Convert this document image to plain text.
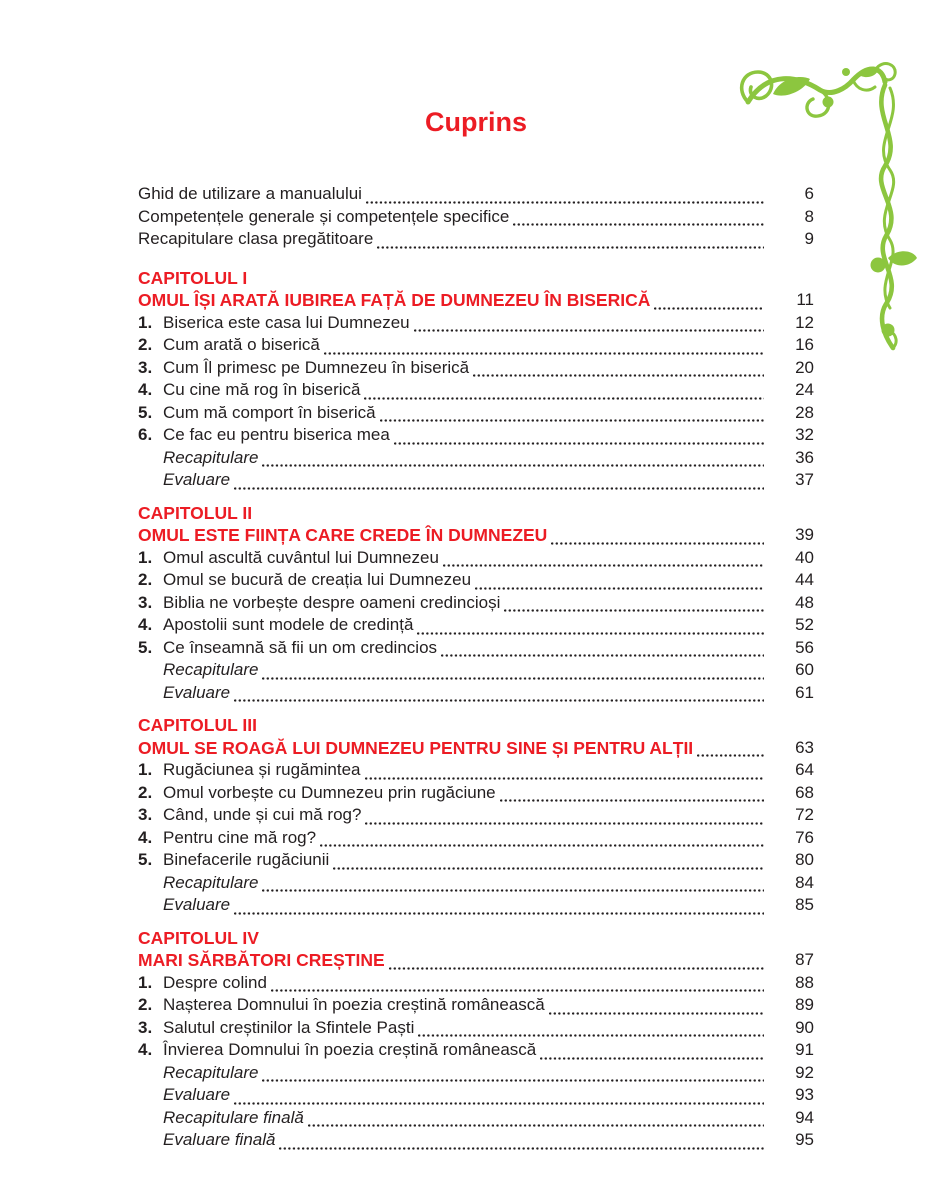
Cuprins
Ghid de utilizare a manualului	6
Competențele generale și competențele specifice	8
Recapitulare clasa pregătitoare	9
CAPITOLUL I
OMUL ÎȘI ARATĂ IUBIREA FAȚĂ DE DUMNEZEU ÎN BISERICĂ	11
1. Biserica este casa lui Dumnezeu	12
2. Cum arată o biserică	16
3. Cum Îl primesc pe Dumnezeu în biserică	20
4. Cu cine mă rog în biserică	24
5. Cum mă comport în biserică	28
6. Ce fac eu pentru biserica mea	32
Recapitulare	36
Evaluare	37
CAPITOLUL II
OMUL ESTE FIINȚA CARE CREDE ÎN DUMNEZEU	39
1. Omul ascultă cuvântul lui Dumnezeu	40
2. Omul se bucură de creația lui Dumnezeu	44
3. Biblia ne vorbește despre oameni credincioși	48
4. Apostolii sunt modele de credință	52
5. Ce înseamnă să fii un om credincios	56
Recapitulare	60
Evaluare	61
CAPITOLUL III
OMUL SE ROAGĂ LUI DUMNEZEU PENTRU SINE ȘI PENTRU ALȚII	63
1. Rugăciunea și rugămintea	64
2. Omul vorbește cu Dumnezeu prin rugăciune	68
3. Când, unde și cui mă rog?	72
4. Pentru cine mă rog?	76
5. Binefacerile rugăciunii	80
Recapitulare	84
Evaluare	85
CAPITOLUL IV
MARI SĂRBĂTORI CREȘTINE	87
1. Despre colind	88
2. Nașterea Domnului în poezia creștină românească	89
3. Salutul creștinilor la Sfintele Paști	90
4. Învierea Domnului în poezia creștină românească	91
Recapitulare	92
Evaluare	93
Recapitulare finală	94
Evaluare finală	95
